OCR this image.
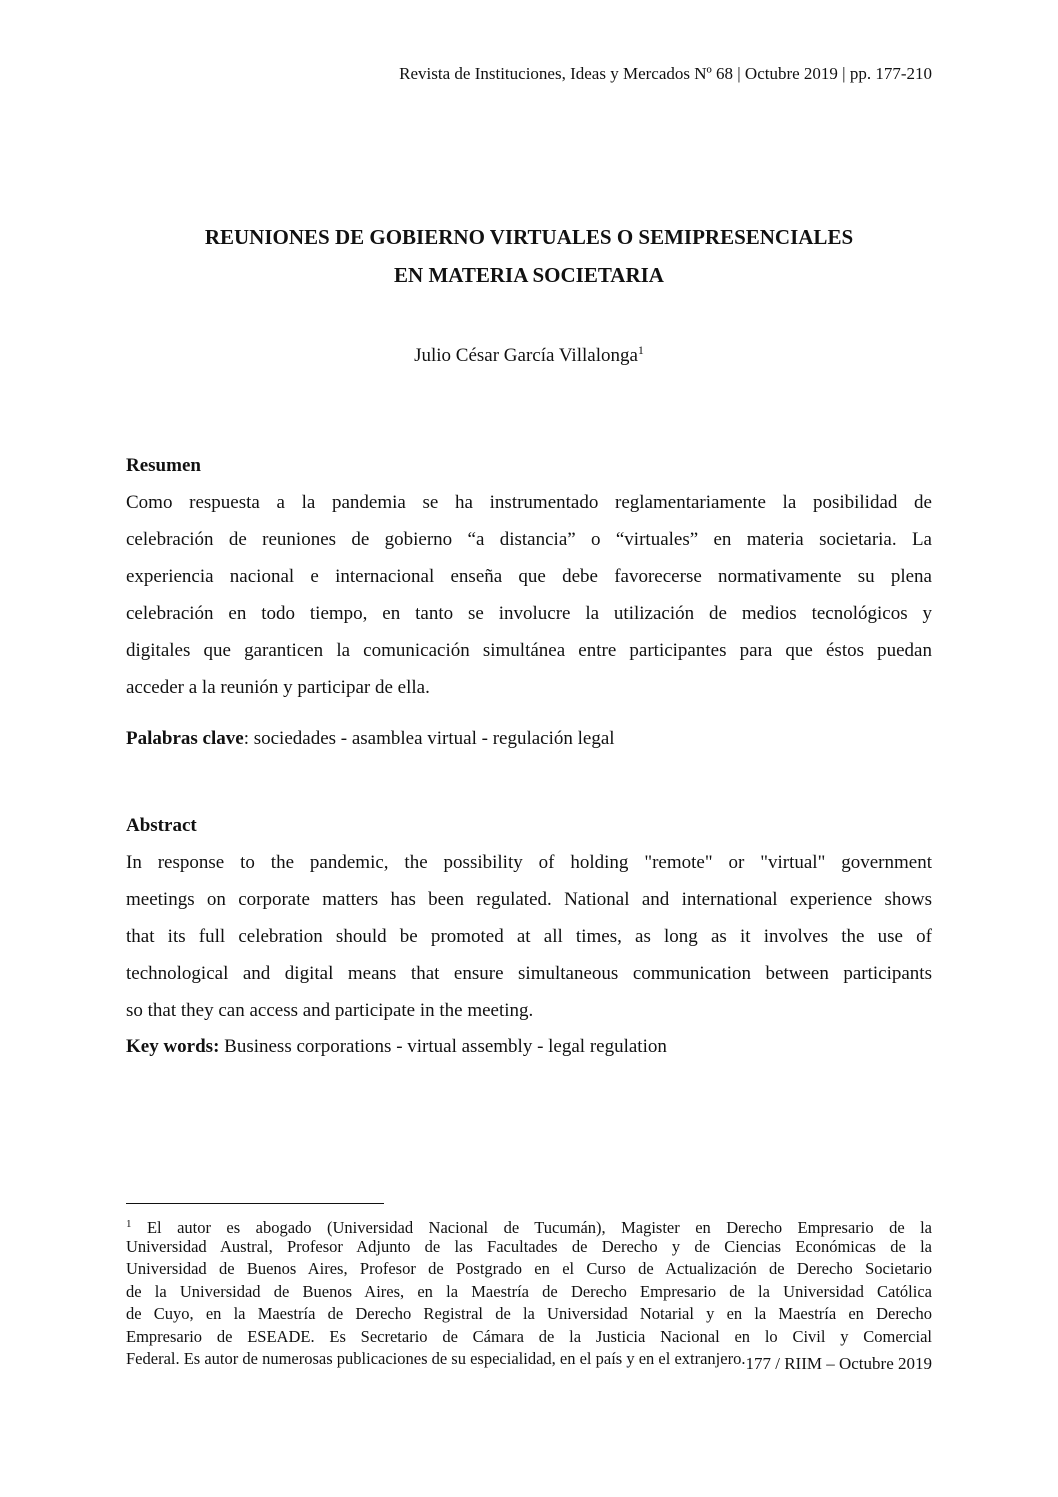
Revista de Instituciones, Ideas y Mercados Nº 68 | Octubre 2019 | pp. 177-210
REUNIONES DE GOBIERNO VIRTUALES O SEMIPRESENCIALES
EN MATERIA SOCIETARIA
Julio César García Villalonga$^1$
Resumen
Como respuesta a la pandemia se ha instrumentado reglamentariamente la posibilidad de
celebración de reuniones de gobierno “a distancia” o “virtuales” en materia societaria. La
experiencia nacional e internacional enseña que debe favorecerse normativamente su plena
celebración en todo tiempo, en tanto se involucre la utilización de medios tecnológicos y
digitales que garanticen la comunicación simultánea entre participantes para que éstos puedan
acceder a la reunión y participar de ella.
Palabras clave: sociedades - asamblea virtual - regulación legal
Abstract
In response to the pandemic, the possibility of holding "remote" or "virtual" government
meetings on corporate matters has been regulated. National and international experience shows
that its full celebration should be promoted at all times, as long as it involves the use of
technological and digital means that ensure simultaneous communication between participants
so that they can access and participate in the meeting.
Key words: Business corporations - virtual assembly - legal regulation
$^1$ El autor es abogado (Universidad Nacional de Tucumán), Magister en Derecho Empresario de la
Universidad Austral, Profesor Adjunto de las Facultades de Derecho y de Ciencias Económicas de la
Universidad de Buenos Aires, Profesor de Postgrado en el Curso de Actualización de Derecho Societario
de la Universidad de Buenos Aires, en la Maestría de Derecho Empresario de la Universidad Católica
de Cuyo, en la Maestría de Derecho Registral de la Universidad Notarial y en la Maestría en Derecho
Empresario de ESEADE. Es Secretario de Cámara de la Justicia Nacional en lo Civil y Comercial
Federal. Es autor de numerosas publicaciones de su especialidad, en el país y en el extranjero. 177 / RIIM – Octubre 2019
